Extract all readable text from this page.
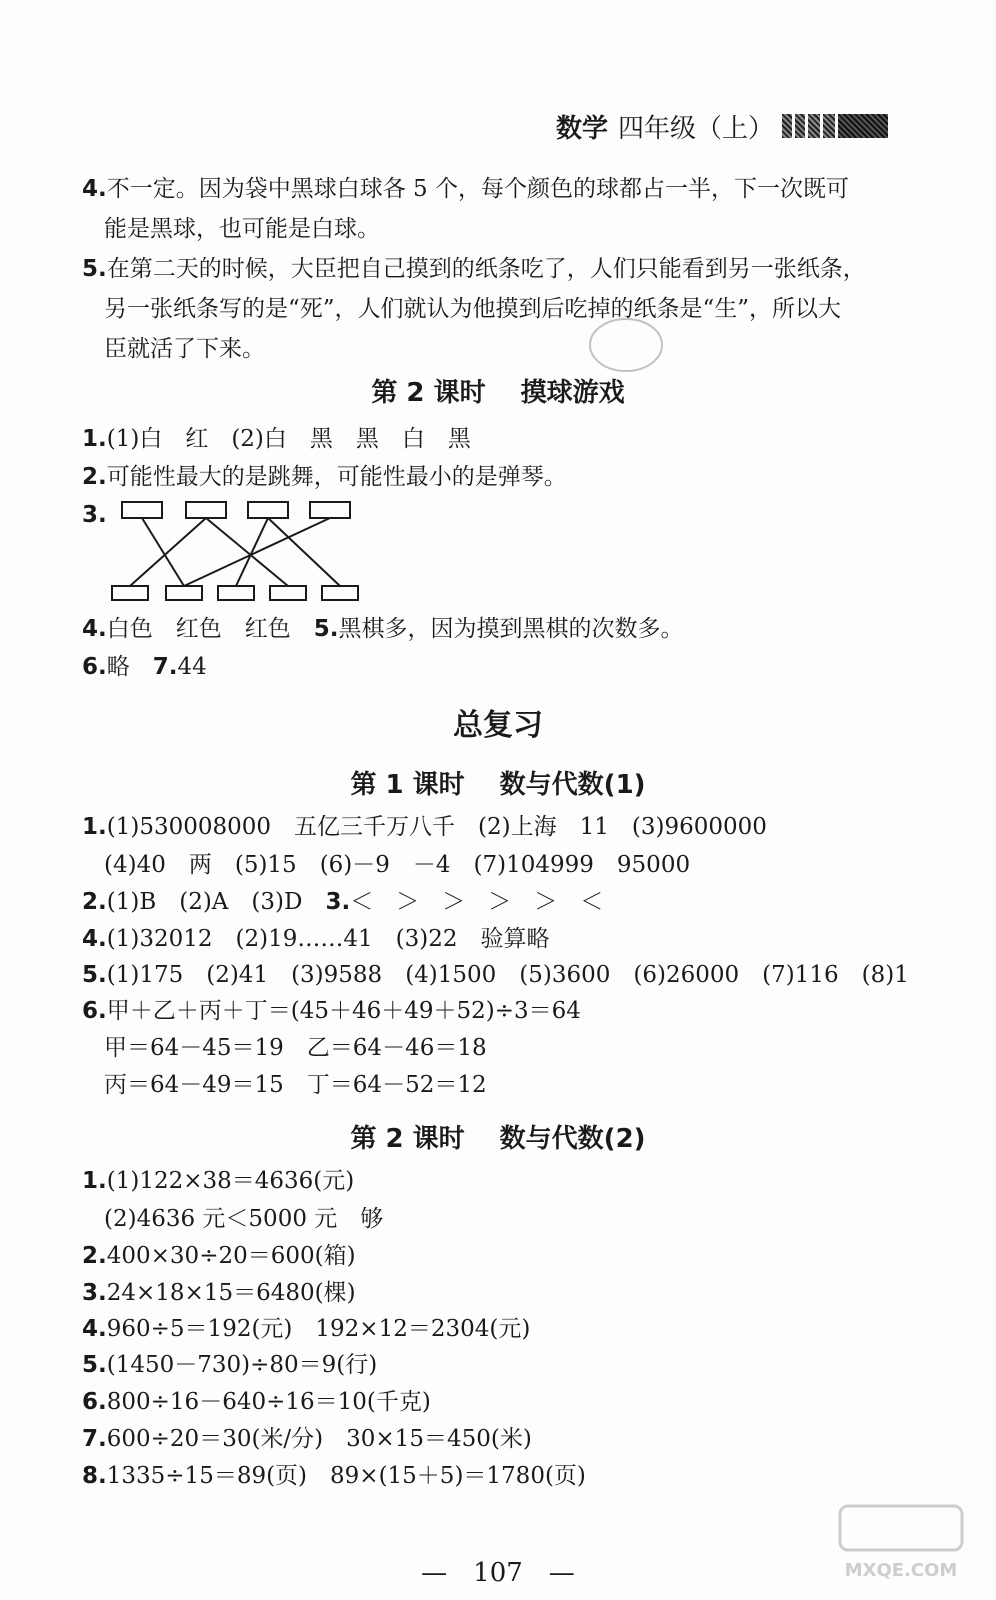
数学 四年级（上）
4.不一定。因为袋中黑球白球各 5 个，每个颜色的球都占一半，下一次既可
能是黑球，也可能是白球。
5.在第二天的时候，大臣把自己摸到的纸条吃了，人们只能看到另一张纸条，
另一张纸条写的是“死”，人们就认为他摸到后吃掉的纸条是“生”，所以大
臣就活了下来。
第 2 课时　 摸球游戏
1.(1)白　红　(2)白　黑　黑　白　黑
2.可能性最大的是跳舞，可能性最小的是弹琴。
3.
4.白色　红色　红色　 5.黑棋多，因为摸到黑棋的次数多。
6.略　 7.44
总复习
第 1 课时　 数与代数(1)
1.(1)530008000　五亿三千万八千　(2)上海　11　(3)9600000
(4)40　两　(5)15　(6)－9　－4　(7)104999　95000
2.(1)B　(2)A　(3)D　 3.＜　＞　＞　＞　＞　＜
4.(1)32012　(2)19……41　(3)22　验算略
5.(1)175　(2)41　(3)9588　(4)1500　(5)3600　(6)26000　(7)116　(8)1
6.甲＋乙＋丙＋丁＝(45＋46＋49＋52)÷3＝64
甲＝64－45＝19　乙＝64－46＝18
丙＝64－49＝15　丁＝64－52＝12
第 2 课时　 数与代数(2)
1.(1)122×38＝4636(元)
(2)4636 元＜5000 元　够
2.400×30÷20＝600(箱)
3.24×18×15＝6480(棵)
4.960÷5＝192(元)　192×12＝2304(元)
5.(1450－730)÷80＝9(行)
6.800÷16－640÷16＝10(千克)
7.600÷20＝30(米/分)　30×15＝450(米)
8.1335÷15＝89(页)　89×(15＋5)＝1780(页)
—　107　—	MXQE.COM
